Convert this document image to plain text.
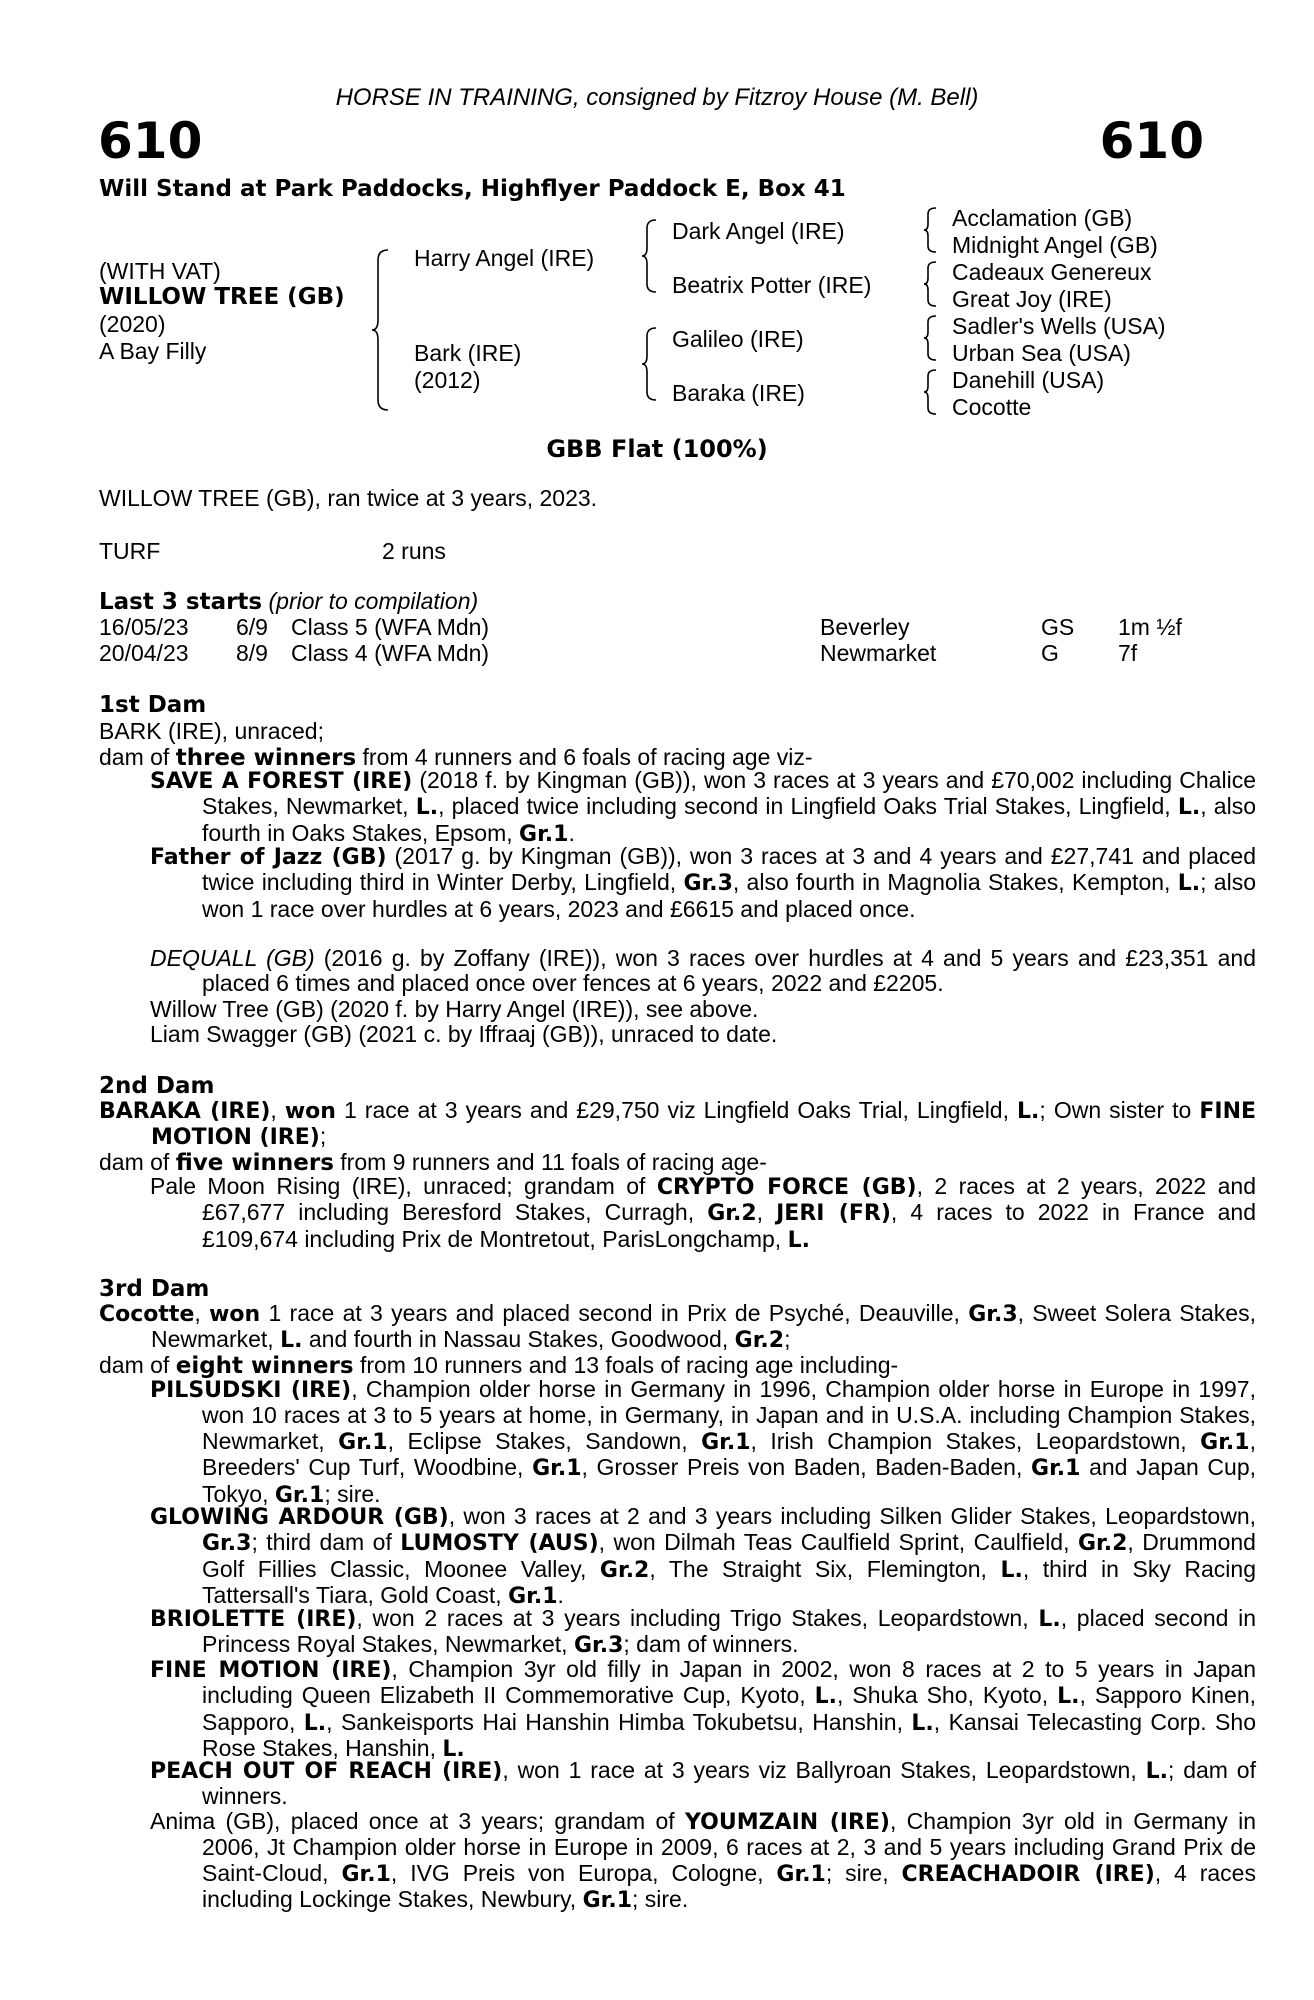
HORSE IN TRAINING, consigned by Fitzroy House (M. Bell)
610	610
Will Stand at Park Paddocks, Highflyer Paddock E, Box 41
(WITH VAT)
WILLOW TREE (GB)
(2020)
A Bay Filly
Harry Angel (IRE)
Bark (IRE)
(2012)
Dark Angel (IRE)
Beatrix Potter (IRE)
Galileo (IRE)
Baraka (IRE)
Acclamation (GB)
Midnight Angel (GB)
Cadeaux Genereux
Great Joy (IRE)
Sadler's Wells (USA)
Urban Sea (USA)
Danehill (USA)
Cocotte
GBB Flat (100%)
WILLOW TREE (GB), ran twice at 3 years, 2023.
TURF	2 runs
Last 3 starts (prior to compilation)
16/05/23 6/9 Class 5 (WFA Mdn)	Beverley	GS 1m ½f
20/04/23 8/9 Class 4 (WFA Mdn)	Newmarket	G	7f
1st Dam
BARK (IRE), unraced;
dam of three winners from 4 runners and 6 foals of racing age viz-
SAVE A FOREST (IRE) (2018 f. by Kingman (GB)), won 3 races at 3 years and £70,002 including Chalice Stakes, Newmarket, L., placed twice including second in Lingfield Oaks Trial Stakes, Lingfield, L., also fourth in Oaks Stakes, Epsom, Gr.1.
Father of Jazz (GB) (2017 g. by Kingman (GB)), won 3 races at 3 and 4 years and £27,741 and placed twice including third in Winter Derby, Lingfield, Gr.3, also fourth in Magnolia Stakes, Kempton, L.; also won 1 race over hurdles at 6 years, 2023 and £6615 and placed once.
DEQUALL (GB) (2016 g. by Zoffany (IRE)), won 3 races over hurdles at 4 and 5 years and £23,351 and placed 6 times and placed once over fences at 6 years, 2022 and £2205.
Willow Tree (GB) (2020 f. by Harry Angel (IRE)), see above.
Liam Swagger (GB) (2021 c. by Iffraaj (GB)), unraced to date.
2nd Dam
BARAKA (IRE), won 1 race at 3 years and £29,750 viz Lingfield Oaks Trial, Lingfield, L.; Own sister to FINE MOTION (IRE);
dam of five winners from 9 runners and 11 foals of racing age-
Pale Moon Rising (IRE), unraced; grandam of CRYPTO FORCE (GB), 2 races at 2 years, 2022 and £67,677 including Beresford Stakes, Curragh, Gr.2, JERI (FR), 4 races to 2022 in France and £109,674 including Prix de Montretout, ParisLongchamp, L.
3rd Dam
Cocotte, won 1 race at 3 years and placed second in Prix de Psyché, Deauville, Gr.3, Sweet Solera Stakes, Newmarket, L. and fourth in Nassau Stakes, Goodwood, Gr.2;
dam of eight winners from 10 runners and 13 foals of racing age including-
PILSUDSKI (IRE), Champion older horse in Germany in 1996, Champion older horse in Europe in 1997, won 10 races at 3 to 5 years at home, in Germany, in Japan and in U.S.A. including Champion Stakes, Newmarket, Gr.1, Eclipse Stakes, Sandown, Gr.1, Irish Champion Stakes, Leopardstown, Gr.1, Breeders' Cup Turf, Woodbine, Gr.1, Grosser Preis von Baden, Baden-Baden, Gr.1 and Japan Cup, Tokyo, Gr.1; sire.
GLOWING ARDOUR (GB), won 3 races at 2 and 3 years including Silken Glider Stakes, Leopardstown, Gr.3; third dam of LUMOSTY (AUS), won Dilmah Teas Caulfield Sprint, Caulfield, Gr.2, Drummond Golf Fillies Classic, Moonee Valley, Gr.2, The Straight Six, Flemington, L., third in Sky Racing Tattersall's Tiara, Gold Coast, Gr.1.
BRIOLETTE (IRE), won 2 races at 3 years including Trigo Stakes, Leopardstown, L., placed second in Princess Royal Stakes, Newmarket, Gr.3; dam of winners.
FINE MOTION (IRE), Champion 3yr old filly in Japan in 2002, won 8 races at 2 to 5 years in Japan including Queen Elizabeth II Commemorative Cup, Kyoto, L., Shuka Sho, Kyoto, L., Sapporo Kinen, Sapporo, L., Sankeisports Hai Hanshin Himba Tokubetsu, Hanshin, L., Kansai Telecasting Corp. Sho Rose Stakes, Hanshin, L.
PEACH OUT OF REACH (IRE), won 1 race at 3 years viz Ballyroan Stakes, Leopardstown, L.; dam of winners.
Anima (GB), placed once at 3 years; grandam of YOUMZAIN (IRE), Champion 3yr old in Germany in 2006, Jt Champion older horse in Europe in 2009, 6 races at 2, 3 and 5 years including Grand Prix de Saint-Cloud, Gr.1, IVG Preis von Europa, Cologne, Gr.1; sire, CREACHADOIR (IRE), 4 races including Lockinge Stakes, Newbury, Gr.1; sire.
